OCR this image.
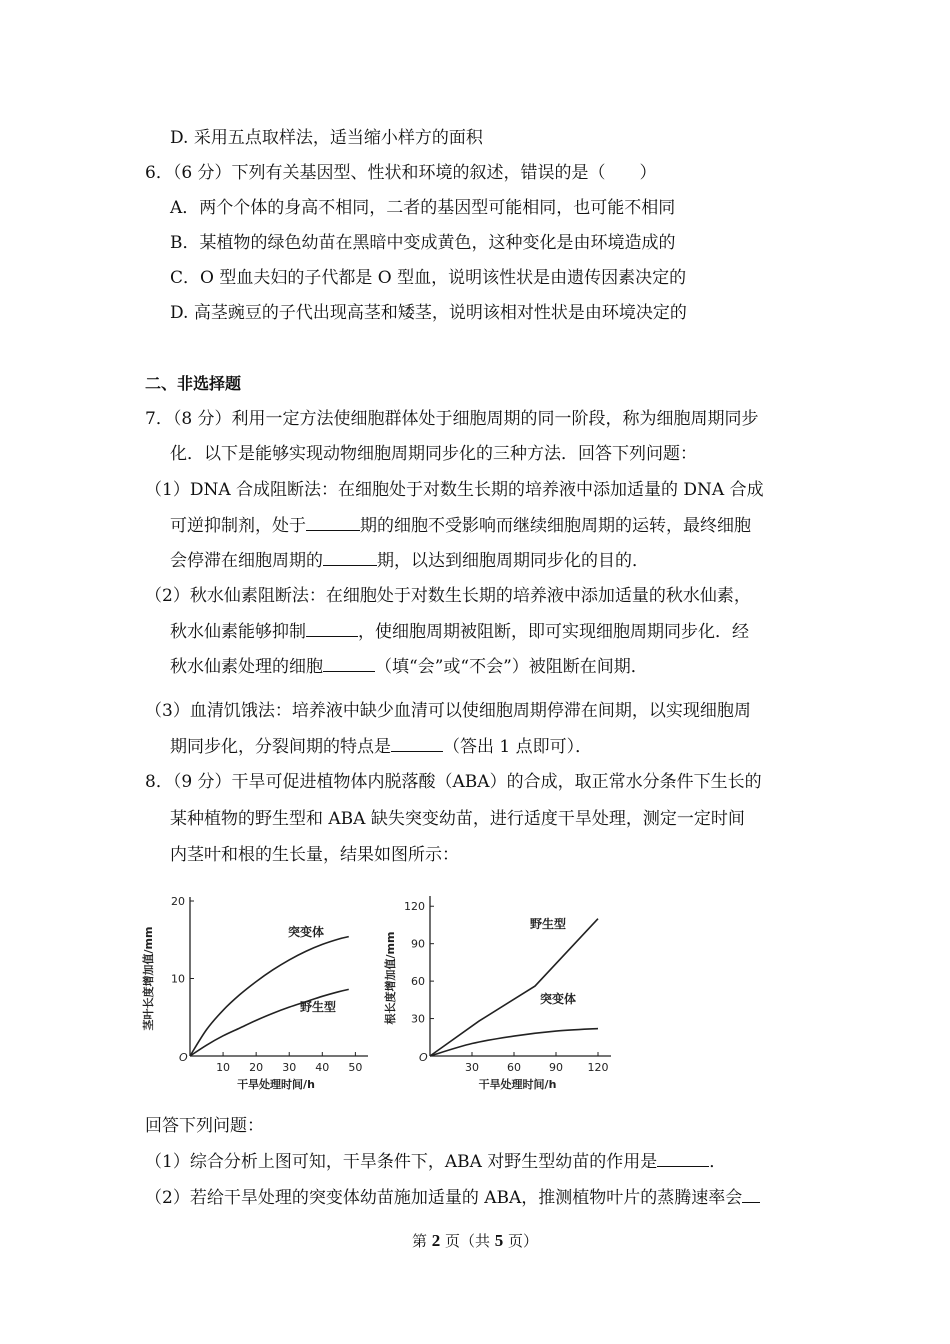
D. 采用五点取样法，适当缩小样方的面积
6．（6 分）下列有关基因型、性状和环境的叙述，错误的是（　　）
A．两个个体的身高不相同，二者的基因型可能相同，也可能不相同
B．某植物的绿色幼苗在黑暗中变成黄色，这种变化是由环境造成的
C．O 型血夫妇的子代都是 O 型血，说明该性状是由遗传因素决定的
D. 高茎豌豆的子代出现高茎和矮茎，说明该相对性状是由环境决定的
二、非选择题
7．（8 分）利用一定方法使细胞群体处于细胞周期的同一阶段，称为细胞周期同步
化．以下是能够实现动物细胞周期同步化的三种方法．回答下列问题：
（1）DNA 合成阻断法：在细胞处于对数生长期的培养液中添加适量的 DNA 合成
可逆抑制剂，处于	期的细胞不受影响而继续细胞周期的运转，最终细胞
会停滞在细胞周期的	期，以达到细胞周期同步化的目的．
（2）秋水仙素阻断法：在细胞处于对数生长期的培养液中添加适量的秋水仙素，
秋水仙素能够抑制	，使细胞周期被阻断，即可实现细胞周期同步化．经
秋水仙素处理的细胞	（填“会”或“不会”）被阻断在间期．
（3）血清饥饿法：培养液中缺少血清可以使细胞周期停滞在间期，以实现细胞周
期同步化，分裂间期的特点是	（答出 1 点即可）．
8．（9 分）干旱可促进植物体内脱落酸（ABA）的合成，取正常水分条件下生长的
某种植物的野生型和 ABA 缺失突变幼苗，进行适度干旱处理，测定一定时间
内茎叶和根的生长量，结果如图所示：
O
10
20
10 20 30 40 50
干旱处理时间/h
茎叶长度增加值/mm	突变体
野生型
O
30
60
90
120
30	60	90 120
干旱处理时间/h
根长度增加值/mm
野生型
突变体
回答下列问题：
（1）综合分析上图可知，干旱条件下，ABA 对野生型幼苗的作用是	．
（2）若给干旱处理的突变体幼苗施加适量的 ABA，推测植物叶片的蒸腾速率会
第 2 页（共 5 页）
